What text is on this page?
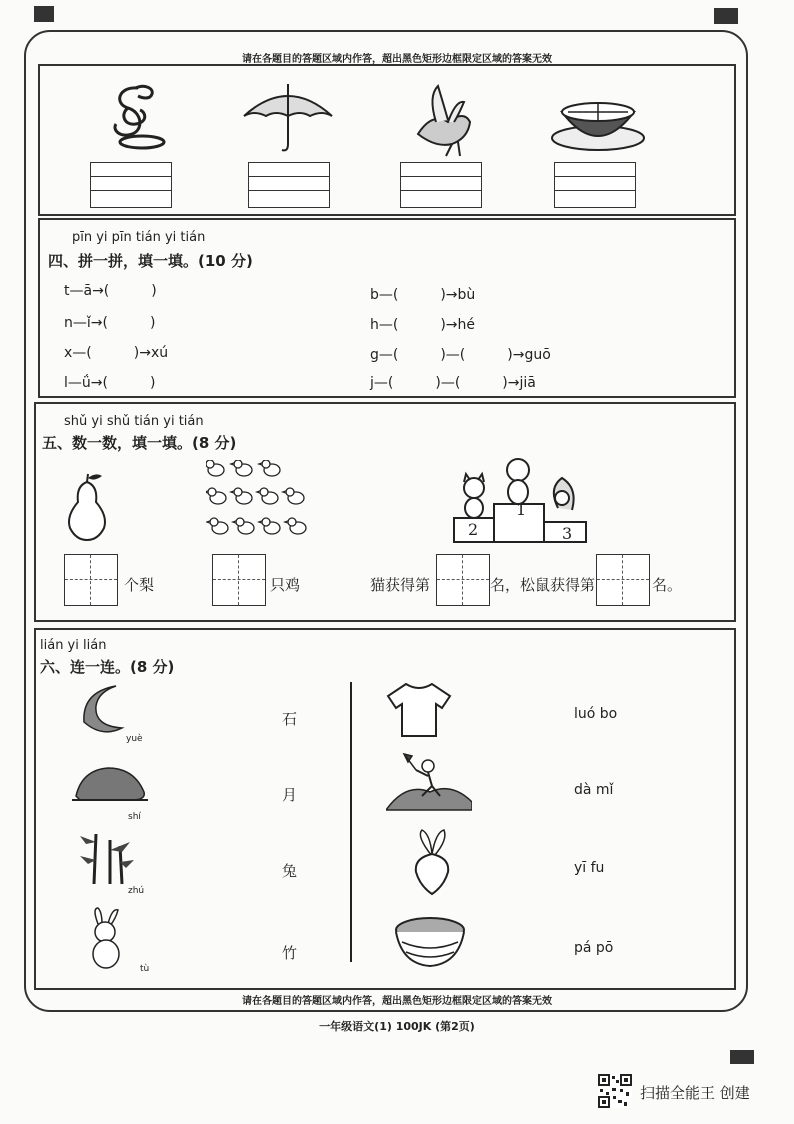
请在各题目的答题区域内作答，超出黑色矩形边框限定区域的答案无效
pīn yi pīn tián yi tián
四、拼一拼，填一填。(10 分)
t—ā→(　　　)
n—ǐ→(　　　)
x—(　　　)→xú
l—ǘ→(　　　)
b—(　　　)→bù
h—(　　　)→hé
g—(　　　)—(　　　)→guō
j—(　　　)—(　　　)→jiā
shǔ yi shǔ tián yi tián
五、数一数，填一填。(8 分)
2
1
3
个梨	只鸡	猫获得第	名，松鼠获得第	名。
lián yi lián
六、连一连。(8 分)
yuè
shí
zhú
tù
石
月
兔
竹
luó bo
dà mǐ
yī fu
pá pō
请在各题目的答题区域内作答，超出黑色矩形边框限定区域的答案无效
一年级语文(1) 100JK (第2页)
扫描全能王 创建
